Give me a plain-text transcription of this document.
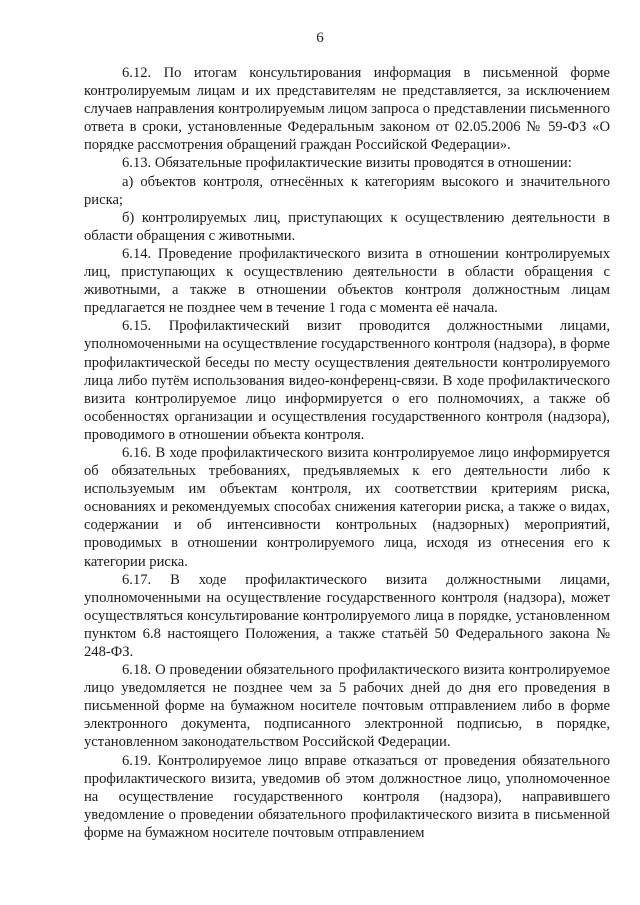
6

6.12. По итогам консультирования информация в письменной форме контролируемым лицам и их представителям не представляется, за исключением случаев направления контролируемым лицом запроса о представлении письменного ответа в сроки, установленные Федеральным законом от 02.05.2006 № 59-ФЗ «О порядке рассмотрения обращений граждан Российской Федерации».

6.13. Обязательные профилактические визиты проводятся в отношении:

а) объектов контроля, отнесённых к категориям высокого и значительного риска;

б) контролируемых лиц, приступающих к осуществлению деятельности в области обращения с животными.

6.14. Проведение профилактического визита в отношении контролируемых лиц, приступающих к осуществлению деятельности в области обращения с животными, а также в отношении объектов контроля должностным лицам предлагается не позднее чем в течение 1 года с момента её начала.

6.15. Профилактический визит проводится должностными лицами, уполномоченными на осуществление государственного контроля (надзора), в форме профилактической беседы по месту осуществления деятельности контролируемого лица либо путём использования видео-конференц-связи. В ходе профилактического визита контролируемое лицо информируется о его полномочиях, а также об особенностях организации и осуществления государственного контроля (надзора), проводимого в отношении объекта контроля.

6.16. В ходе профилактического визита контролируемое лицо информируется об обязательных требованиях, предъявляемых к его деятельности либо к используемым им объектам контроля, их соответствии критериям риска, основаниях и рекомендуемых способах снижения категории риска, а также о видах, содержании и об интенсивности контрольных (надзорных) мероприятий, проводимых в отношении контролируемого лица, исходя из отнесения его к категории риска.

6.17. В ходе профилактического визита должностными лицами, уполномоченными на осуществление государственного контроля (надзора), может осуществляться консультирование контролируемого лица в порядке, установленном пунктом 6.8 настоящего Положения, а также статьёй 50 Федерального закона № 248-ФЗ.

6.18. О проведении обязательного профилактического визита контролируемое лицо уведомляется не позднее чем за 5 рабочих дней до дня его проведения в письменной форме на бумажном носителе почтовым отправлением либо в форме электронного документа, подписанного электронной подписью, в порядке, установленном законодательством Российской Федерации.

6.19. Контролируемое лицо вправе отказаться от проведения обязательного профилактического визита, уведомив об этом должностное лицо, уполномоченное на осуществление государственного контроля (надзора), направившего уведомление о проведении обязательного профилактического визита в письменной форме на бумажном носителе почтовым отправлением
